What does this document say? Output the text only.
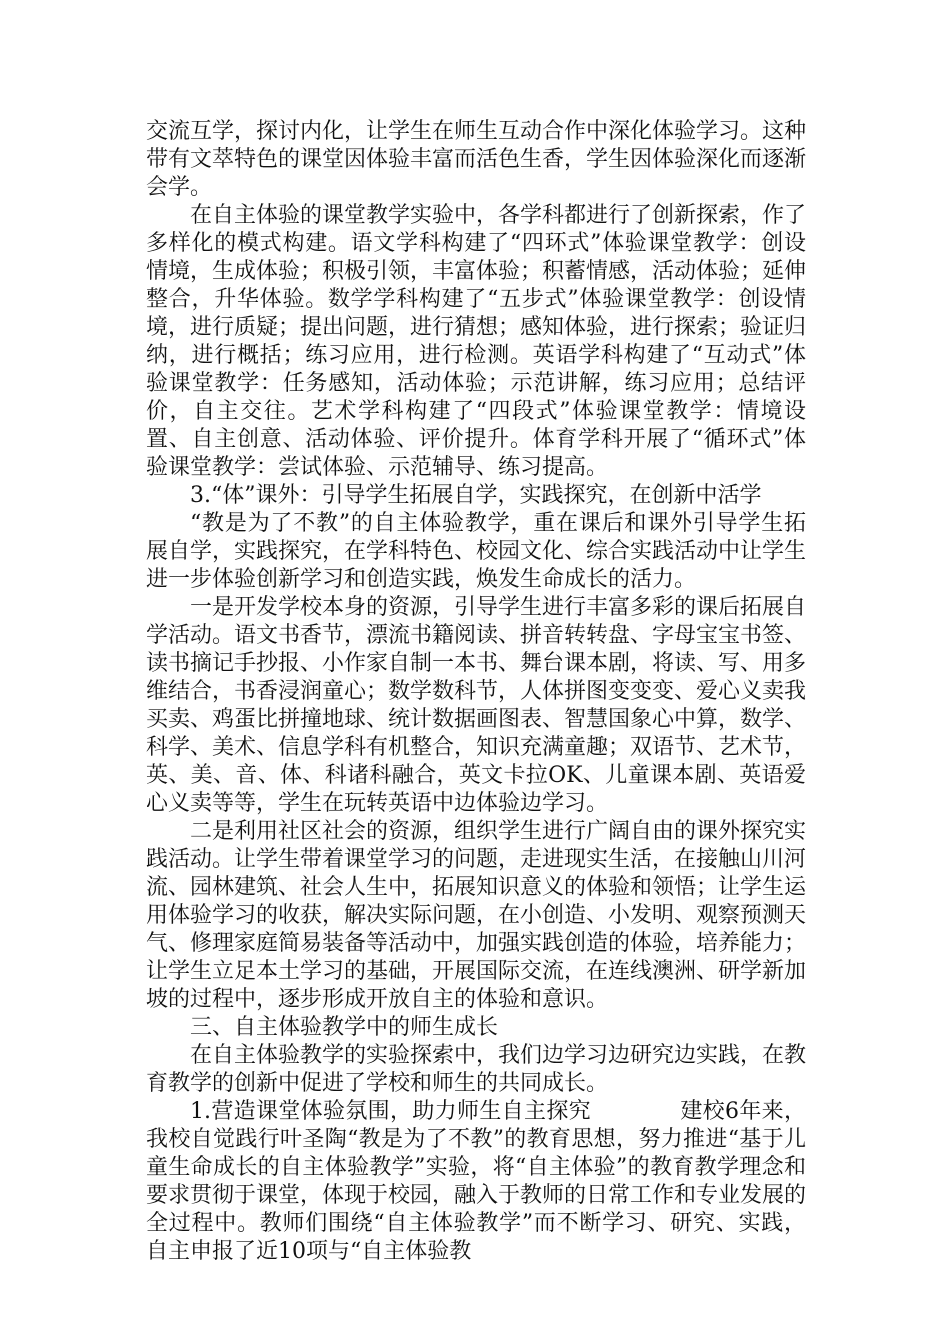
交流互学，探讨内化，让学生在师生互动合作中深化体验学习。这种带有文萃特色的课堂因体验丰富而活色生香，学生因体验深化而逐渐会学。

在自主体验的课堂教学实验中，各学科都进行了创新探索，作了多样化的模式构建。语文学科构建了“四环式”体验课堂教学：创设情境，生成体验；积极引领，丰富体验；积蓄情感，活动体验；延伸整合，升华体验。数学学科构建了“五步式”体验课堂教学：创设情境，进行质疑；提出问题，进行猜想；感知体验，进行探索；验证归纳，进行概括；练习应用，进行检测。英语学科构建了“互动式”体验课堂教学：任务感知，活动体验；示范讲解，练习应用；总结评价，自主交往。艺术学科构建了“四段式”体验课堂教学：情境设置、自主创意、活动体验、评价提升。体育学科开展了“循环式”体验课堂教学：尝试体验、示范辅导、练习提高。

3.“体”课外：引导学生拓展自学，实践探究，在创新中活学

“教是为了不教”的自主体验教学，重在课后和课外引导学生拓展自学，实践探究，在学科特色、校园文化、综合实践活动中让学生进一步体验创新学习和创造实践，焕发生命成长的活力。

一是开发学校本身的资源，引导学生进行丰富多彩的课后拓展自学活动。语文书香节，漂流书籍阅读、拼音转转盘、字母宝宝书签、读书摘记手抄报、小作家自制一本书、舞台课本剧，将读、写、用多维结合，书香浸润童心；数学数科节，人体拼图变变变、爱心义卖我买卖、鸡蛋比拼撞地球、统计数据画图表、智慧国象心中算，数学、科学、美术、信息学科有机整合，知识充满童趣；双语节、艺术节，英、美、音、体、科诸科融合，英文卡拉OK、儿童课本剧、英语爱心义卖等等，学生在玩转英语中边体验边学习。

二是利用社区社会的资源，组织学生进行广阔自由的课外探究实践活动。让学生带着课堂学习的问题，走进现实生活，在接触山川河流、园林建筑、社会人生中，拓展知识意义的体验和领悟；让学生运用体验学习的收获，解决实际问题，在小创造、小发明、观察预测天气、修理家庭简易装备等活动中，加强实践创造的体验，培养能力；让学生立足本土学习的基础，开展国际交流，在连线澳洲、研学新加坡的过程中，逐步形成开放自主的体验和意识。

三、自主体验教学中的师生成长

在自主体验教学的实验探索中，我们边学习边研究边实践，在教育教学的创新中促进了学校和师生的共同成长。

1.营造课堂体验氛围，助力师生自主探究　　　　建校6年来，我校自觉践行叶圣陶“教是为了不教”的教育思想，努力推进“基于儿童生命成长的自主体验教学”实验，将“自主体验”的教育教学理念和要求贯彻于课堂，体现于校园，融入于教师的日常工作和专业发展的全过程中。教师们围绕“自主体验教学”而不断学习、研究、实践，自主申报了近10项与“自主体验教
